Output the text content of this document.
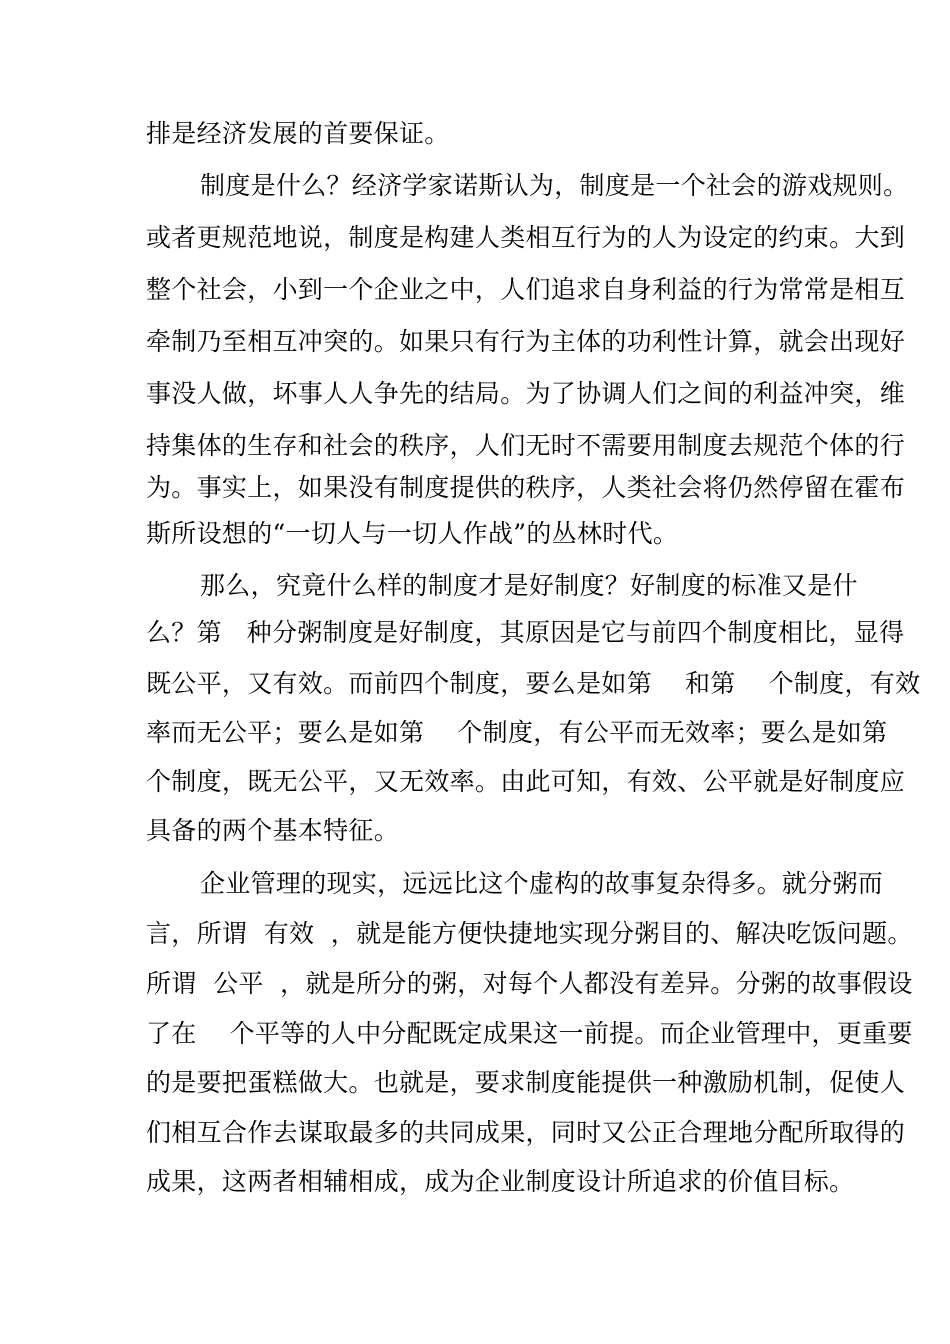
排是经济发展的首要保证。
制度是什么？经济学家诺斯认为，制度是一个社会的游戏规则。
或者更规范地说，制度是构建人类相互行为的人为设定的约束。大到
整个社会，小到一个企业之中，人们追求自身利益的行为常常是相互
牵制乃至相互冲突的。如果只有行为主体的功利性计算，就会出现好
事没人做，坏事人人争先的结局。为了协调人们之间的利益冲突，维
持集体的生存和社会的秩序，人们无时不需要用制度去规范个体的行
为。事实上，如果没有制度提供的秩序，人类社会将仍然停留在霍布
斯所设想的“一切人与一切人作战”的丛林时代。
那么，究竟什么样的制度才是好制度？好制度的标准又是什
么？第   种分粥制度是好制度，其原因是它与前四个制度相比，显得
既公平，又有效。而前四个制度，要么是如第    和第    个制度，有效
率而无公平；要么是如第    个制度，有公平而无效率；要么是如第
个制度，既无公平，又无效率。由此可知，有效、公平就是好制度应
具备的两个基本特征。
企业管理的现实，远远比这个虚构的故事复杂得多。就分粥而
言，所谓  有效  ，就是能方便快捷地实现分粥目的、解决吃饭问题。
所谓  公平  ，就是所分的粥，对每个人都没有差异。分粥的故事假设
了在    个平等的人中分配既定成果这一前提。而企业管理中，更重要
的是要把蛋糕做大。也就是，要求制度能提供一种激励机制，促使人
们相互合作去谋取最多的共同成果，同时又公正合理地分配所取得的
成果，这两者相辅相成，成为企业制度设计所追求的价值目标。
